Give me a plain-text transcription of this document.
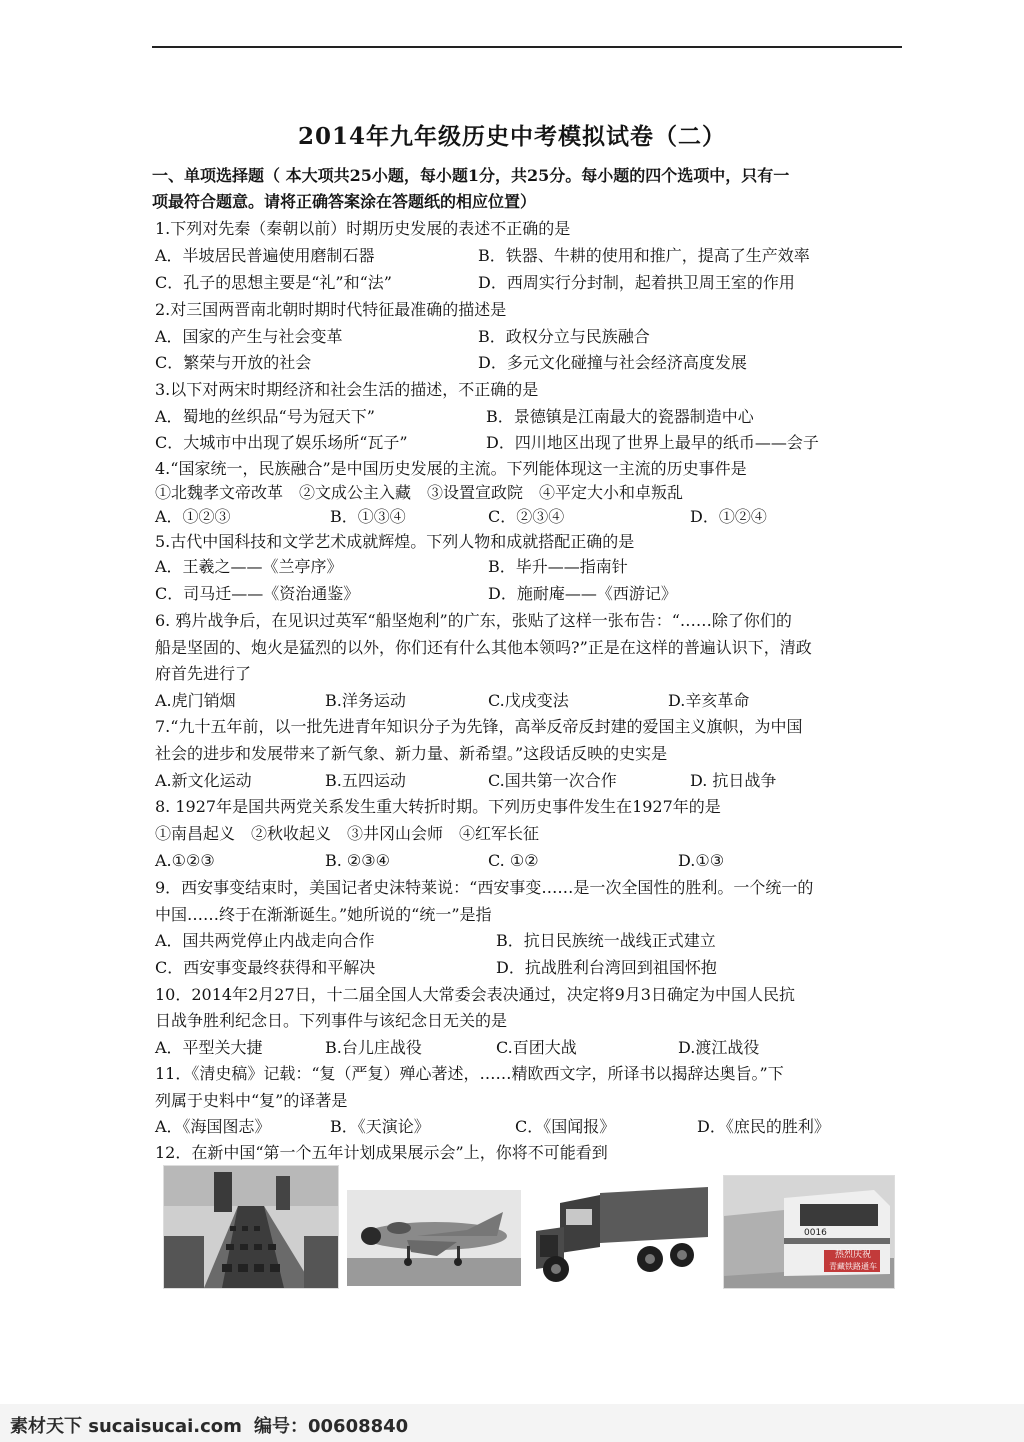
2014年九年级历史中考模拟试卷（二）
一、单项选择题（ 本大项共25小题，每小题1分，共25分。每小题的四个选项中，只有一
项最符合题意。请将正确答案涂在答题纸的相应位置）
1.下列对先秦（秦朝以前）时期历史发展的表述不正确的是
A．半坡居民普遍使用磨制石器	B．铁器、牛耕的使用和推广，提高了生产效率
C．孔子的思想主要是“礼”和“法”	D．西周实行分封制，起着拱卫周王室的作用
2.对三国两晋南北朝时期时代特征最准确的描述是
A．国家的产生与社会变革	B．政权分立与民族融合
C．繁荣与开放的社会	D．多元文化碰撞与社会经济高度发展
3.以下对两宋时期经济和社会生活的描述，不正确的是
A．蜀地的丝织品“号为冠天下”	B．景德镇是江南最大的瓷器制造中心
C．大城市中出现了娱乐场所“瓦子”	D．四川地区出现了世界上最早的纸币——会子
4.“国家统一，民族融合”是中国历史发展的主流。下列能体现这一主流的历史事件是
①北魏孝文帝改革　②文成公主入藏　③设置宣政院　④平定大小和卓叛乱
A．①②③	B．①③④	C．②③④	D．①②④
5.古代中国科技和文学艺术成就辉煌。下列人物和成就搭配正确的是
A．王羲之——《兰亭序》	B．毕升——指南针
C．司马迁——《资治通鉴》	D．施耐庵——《西游记》
6. 鸦片战争后，在见识过英军“船坚炮利”的广东，张贴了这样一张布告：“……除了你们的
船是坚固的、炮火是猛烈的以外，你们还有什么其他本领吗?”正是在这样的普遍认识下，清政
府首先进行了
A.虎门销烟	B.洋务运动	C.戊戌变法	D.辛亥革命
7.“九十五年前，以一批先进青年知识分子为先锋，高举反帝反封建的爱国主义旗帜，为中国
社会的进步和发展带来了新气象、新力量、新希望。”这段话反映的史实是
A.新文化运动	B.五四运动	C.国共第一次合作	D. 抗日战争
8. 1927年是国共两党关系发生重大转折时期。下列历史事件发生在1927年的是
①南昌起义　②秋收起义　③井冈山会师　④红军长征
A.①②③	B. ②③④	C. ①②	D.①③
9．西安事变结束时，美国记者史沫特莱说：“西安事变……是一次全国性的胜利。一个统一的
中国……终于在渐渐诞生。”她所说的“统一”是指
A．国共两党停止内战走向合作	B．抗日民族统一战线正式建立
C．西安事变最终获得和平解决	D．抗战胜利台湾回到祖国怀抱
10．2014年2月27日，十二届全国人大常委会表决通过，决定将9月3日确定为中国人民抗
日战争胜利纪念日。下列事件与该纪念日无关的是
A．平型关大捷	B.台儿庄战役	C.百团大战	D.渡江战役
11．《清史稿》记载：“复（严复）殚心著述，……精欧西文字，所译书以揭辞达奥旨。”下
列属于史料中“复”的译著是
A．《海国图志》	B．《天演论》	C．《国闻报》	D．《庶民的胜利》
12．在新中国“第一个五年计划成果展示会”上，你将不可能看到
0016
热烈庆祝
青藏铁路通车
素材天下 sucaisucai.com 编号：00608840
